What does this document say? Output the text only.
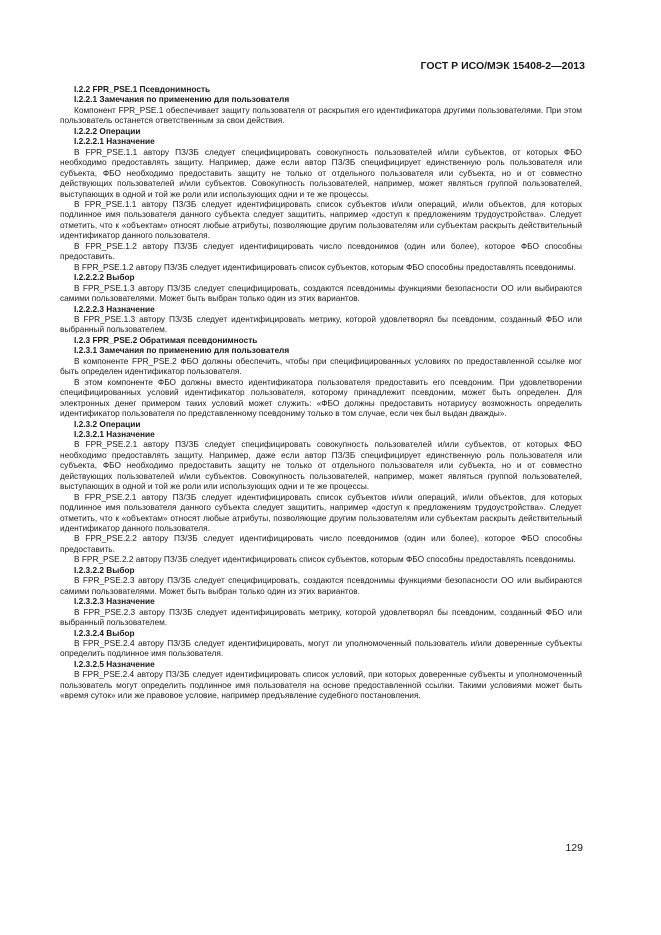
ГОСТ Р ИСО/МЭК 15408-2—2013
I.2.2 FPR_PSE.1 Псевдонимность
I.2.2.1 Замечания по применению для пользователя

Компонент FPR_PSE.1 обеспечивает защиту пользователя от раскрытия его идентификатора другими пользователями. При этом пользователь останется ответственным за свои действия.

I.2.2.2 Операции
I.2.2.2.1 Назначение

В FPR_PSE.1.1 автору ПЗ/ЗБ следует специфицировать совокупность пользователей и/или субъектов, от которых ФБО необходимо предоставлять защиту. Например, даже если автор ПЗ/ЗБ специфицирует единственную роль пользователя или субъекта, ФБО необходимо предоставить защиту не только от отдельного пользователя или субъекта, но и от совместно действующих пользователей и/или субъектов. Совокупность пользователей, например, может являться группой пользователей, выступающих в одной и той же роли или использующих одни и те же процессы.

В FPR_PSE.1.1 автору ПЗ/ЗБ следует идентифицировать список субъектов и/или операций, и/или объектов, для которых подлинное имя пользователя данного субъекта следует защитить, например «доступ к предложениям трудоустройства». Следует отметить, что к «объектам» относят любые атрибуты, позволяющие другим пользователям или субъектам раскрыть действительный идентификатор данного пользователя.

В FPR_PSE.1.2 автору ПЗ/ЗБ следует идентифицировать число псевдонимов (один или более), которое ФБО способны предоставить.

В FPR_PSE.1.2 автору ПЗ/ЗБ следует идентифицировать список субъектов, которым ФБО способны предоставлять псевдонимы.

I.2.2.2.2 Выбор

В FPR_PSE.1.3 автору ПЗ/ЗБ следует специфицировать, создаются псевдонимы функциями безопасности ОО или выбираются самими пользователями. Может быть выбран только один из этих вариантов.

I.2.2.2.3 Назначение

В FPR_PSE.1.3 автору ПЗ/ЗБ следует идентифицировать метрику, которой удовлетворял бы псевдоним, созданный ФБО или выбранный пользователем.

I.2.3 FPR_PSE.2 Обратимая псевдонимность
I.2.3.1 Замечания по применению для пользователя

В компоненте FPR_PSE.2 ФБО должны обеспечить, чтобы при специфицированных условиях по предоставленной ссылке мог быть определен идентификатор пользователя.

В этом компоненте ФБО должны вместо идентификатора пользователя предоставить его псевдоним. При удовлетворении специфицированных условий идентификатор пользователя, которому принадлежит псевдоним, может быть определен. Для электронных денег примером таких условий может служить: «ФБО должны предоставить нотариусу возможность определить идентификатор пользователя по представленному псевдониму только в том случае, если чек был выдан дважды».

I.2.3.2 Операции
I.2.3.2.1 Назначение

В FPR_PSE.2.1 автору ПЗ/ЗБ следует специфицировать совокупность пользователей и/или субъектов, от которых ФБО необходимо предоставлять защиту. Например, даже если автор ПЗ/ЗБ специфицирует единственную роль пользователя или субъекта, ФБО необходимо предоставить защиту не только от отдельного пользователя или субъекта, но и от совместно действующих пользователей и/или субъектов. Совокупность пользователей, например, может являться группой пользователей, выступающих в одной и той же роли или использующих одни и те же процессы.

В FPR_PSE.2.1 автору ПЗ/ЗБ следует идентифицировать список субъектов и/или операций, и/или объектов, для которых подлинное имя пользователя данного субъекта следует защитить, например «доступ к предложениям трудоустройства». Следует отметить, что к «объектам» относят любые атрибуты, позволяющие другим пользователям или субъектам раскрыть действительный идентификатор данного пользователя.

В FPR_PSE.2.2 автору ПЗ/ЗБ следует идентифицировать число псевдонимов (один или более), которое ФБО способны предоставить.

В FPR_PSE.2.2 автору ПЗ/ЗБ следует идентифицировать список субъектов, которым ФБО способны предоставлять псевдонимы.

I.2.3.2.2 Выбор

В FPR_PSE.2.3 автору ПЗ/ЗБ следует специфицировать, создаются псевдонимы функциями безопасности ОО или выбираются самими пользователями. Может быть выбран только один из этих вариантов.

I.2.3.2.3 Назначение

В FPR_PSE.2.3 автору ПЗ/ЗБ следует идентифицировать метрику, которой удовлетворял бы псевдоним, созданный ФБО или выбранный пользователем.

I.2.3.2.4 Выбор

В FPR_PSE.2.4 автору ПЗ/ЗБ следует идентифицировать, могут ли уполномоченный пользователь и/или доверенные субъекты определить подлинное имя пользователя.

I.2.3.2.5 Назначение

В FPR_PSE.2.4 автору ПЗ/ЗБ следует идентифицировать список условий, при которых доверенные субъекты и уполномоченный пользователь могут определить подлинное имя пользователя на основе предоставленной ссылки. Такими условиями может быть «время суток» или же правовое условие, например предъявление судебного постановления.

129
